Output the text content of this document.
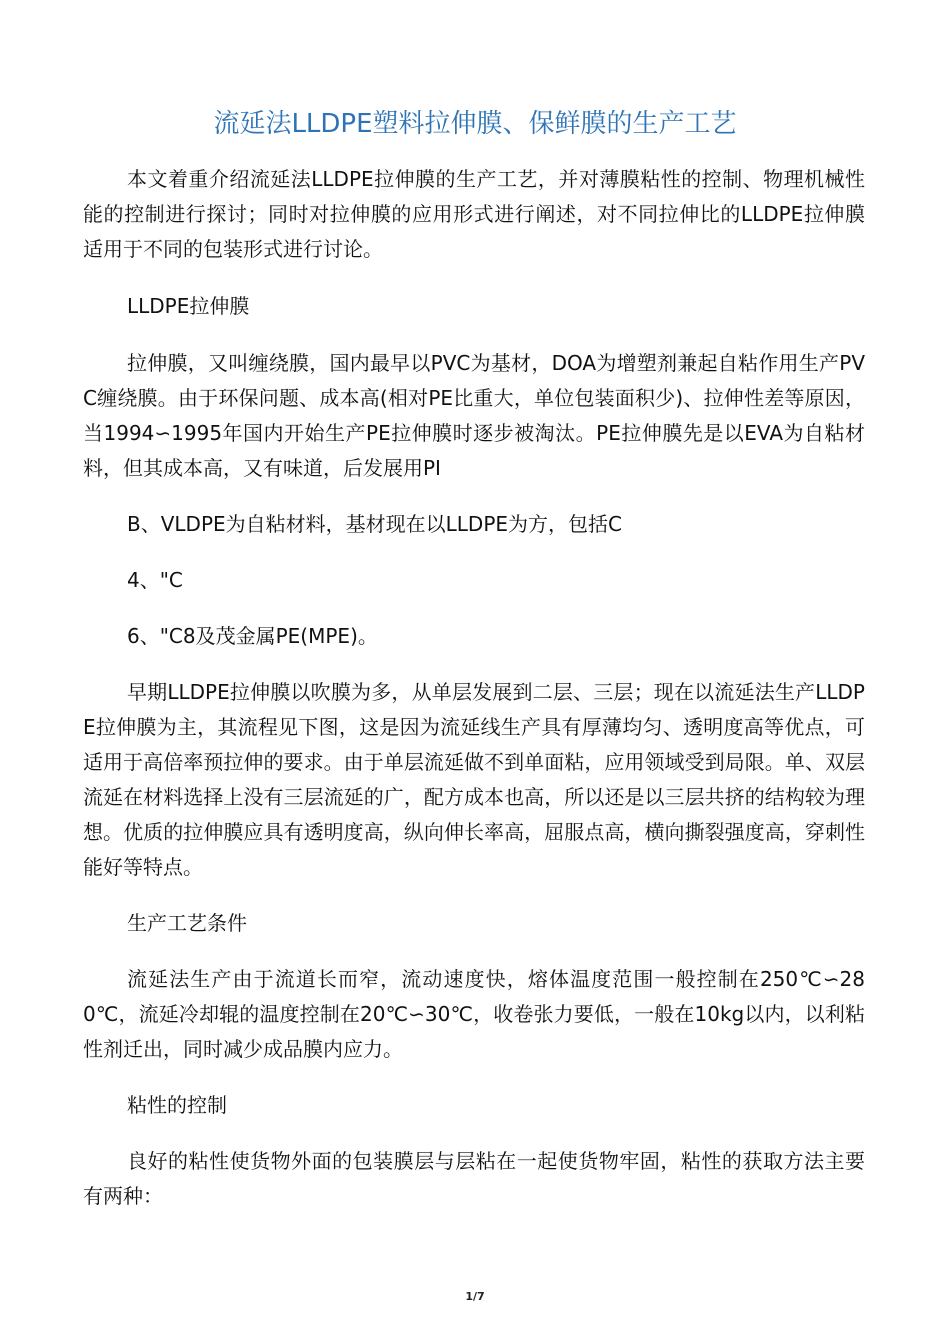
流延法LLDPE塑料拉伸膜、保鲜膜的生产工艺

本文着重介绍流延法LLDPE拉伸膜的生产工艺，并对薄膜粘性的控制、物理机械性能的控制进行探讨；同时对拉伸膜的应用形式进行阐述，对不同拉伸比的LLDPE拉伸膜适用于不同的包装形式进行讨论。

LLDPE拉伸膜

拉伸膜，又叫缠绕膜，国内最早以PVC为基材，DOA为增塑剂兼起自粘作用生产PVC缠绕膜。由于环保问题、成本高(相对PE比重大，单位包装面积少)、拉伸性差等原因，当1994∽1995年国内开始生产PE拉伸膜时逐步被淘汰。PE拉伸膜先是以EVA为自粘材料，但其成本高，又有味道，后发展用PI

B、VLDPE为自粘材料，基材现在以LLDPE为方，包括C

4、"C

6、"C8及茂金属PE(MPE)。

早期LLDPE拉伸膜以吹膜为多，从单层发展到二层、三层；现在以流延法生产LLDPE拉伸膜为主，其流程见下图，这是因为流延线生产具有厚薄均匀、透明度高等优点，可适用于高倍率预拉伸的要求。由于单层流延做不到单面粘，应用领域受到局限。单、双层流延在材料选择上没有三层流延的广，配方成本也高，所以还是以三层共挤的结构较为理想。优质的拉伸膜应具有透明度高，纵向伸长率高，屈服点高，横向撕裂强度高，穿刺性能好等特点。

生产工艺条件

流延法生产由于流道长而窄，流动速度快，熔体温度范围一般控制在250℃∽280℃，流延冷却辊的温度控制在20℃∽30℃，收卷张力要低，一般在10kg以内，以利粘性剂迁出，同时减少成品膜内应力。

粘性的控制

良好的粘性使货物外面的包装膜层与层粘在一起使货物牢固，粘性的获取方法主要有两种：

1/7
